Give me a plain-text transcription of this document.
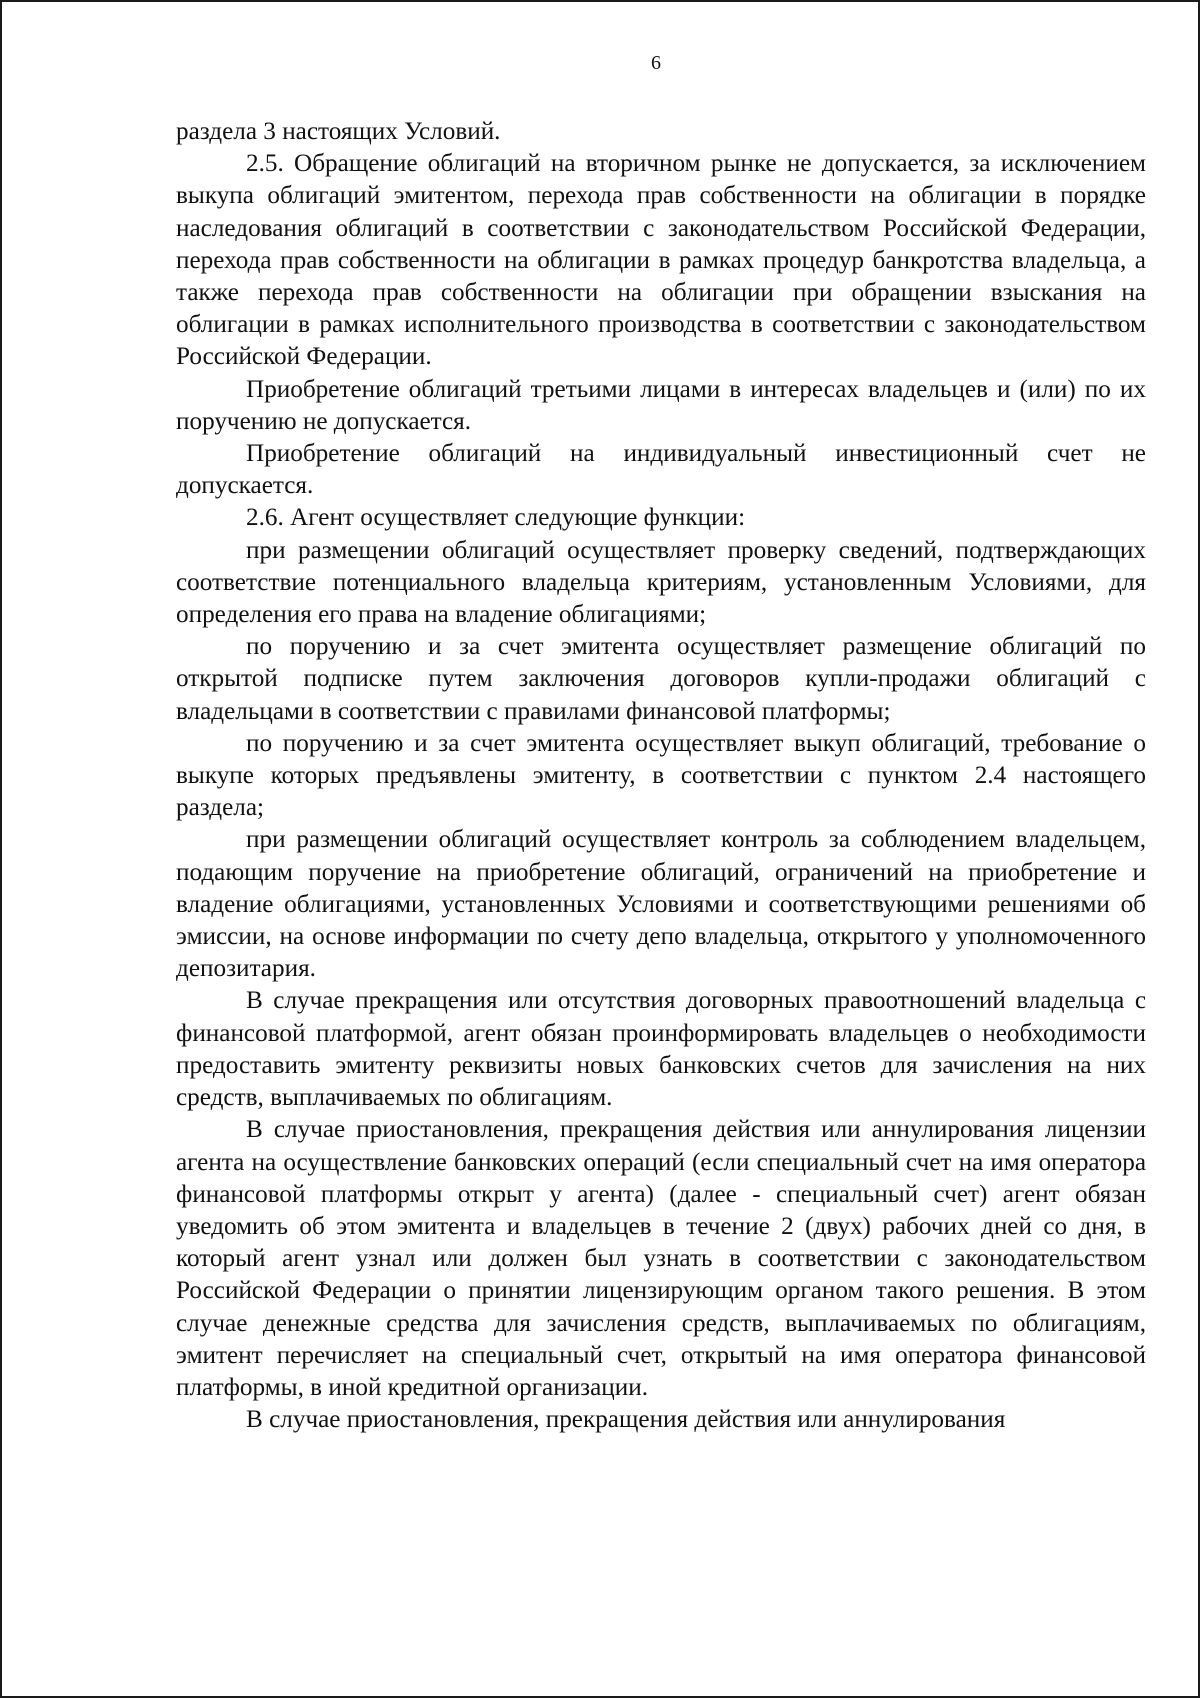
6

раздела 3 настоящих Условий.

2.5. Обращение облигаций на вторичном рынке не допускается, за исключением выкупа облигаций эмитентом, перехода прав собственности на облигации в порядке наследования облигаций в соответствии с законодательством Российской Федерации, перехода прав собственности на облигации в рамках процедур банкротства владельца, а также перехода прав собственности на облигации при обращении взыскания на облигации в рамках исполнительного производства в соответствии с законодательством Российской Федерации.

Приобретение облигаций третьими лицами в интересах владельцев и (или) по их поручению не допускается.

Приобретение облигаций на индивидуальный инвестиционный счет не допускается.

2.6. Агент осуществляет следующие функции:

при размещении облигаций осуществляет проверку сведений, подтверждающих соответствие потенциального владельца критериям, установленным Условиями, для определения его права на владение облигациями;

по поручению и за счет эмитента осуществляет размещение облигаций по открытой подписке путем заключения договоров купли-продажи облигаций с владельцами в соответствии с правилами финансовой платформы;

по поручению и за счет эмитента осуществляет выкуп облигаций, требование о выкупе которых предъявлены эмитенту, в соответствии с пунктом 2.4 настоящего раздела;

при размещении облигаций осуществляет контроль за соблюдением владельцем, подающим поручение на приобретение облигаций, ограничений на приобретение и владение облигациями, установленных Условиями и соответствующими решениями об эмиссии, на основе информации по счету депо владельца, открытого у уполномоченного депозитария.

В случае прекращения или отсутствия договорных правоотношений владельца с финансовой платформой, агент обязан проинформировать владельцев о необходимости предоставить эмитенту реквизиты новых банковских счетов для зачисления на них средств, выплачиваемых по облигациям.

В случае приостановления, прекращения действия или аннулирования лицензии агента на осуществление банковских операций (если специальный счет на имя оператора финансовой платформы открыт у агента) (далее - специальный счет) агент обязан уведомить об этом эмитента и владельцев в течение 2 (двух) рабочих дней со дня, в который агент узнал или должен был узнать в соответствии с законодательством Российской Федерации о принятии лицензирующим органом такого решения. В этом случае денежные средства для зачисления средств, выплачиваемых по облигациям, эмитент перечисляет на специальный счет, открытый на имя оператора финансовой платформы, в иной кредитной организации.

В случае приостановления, прекращения действия или аннулирования
